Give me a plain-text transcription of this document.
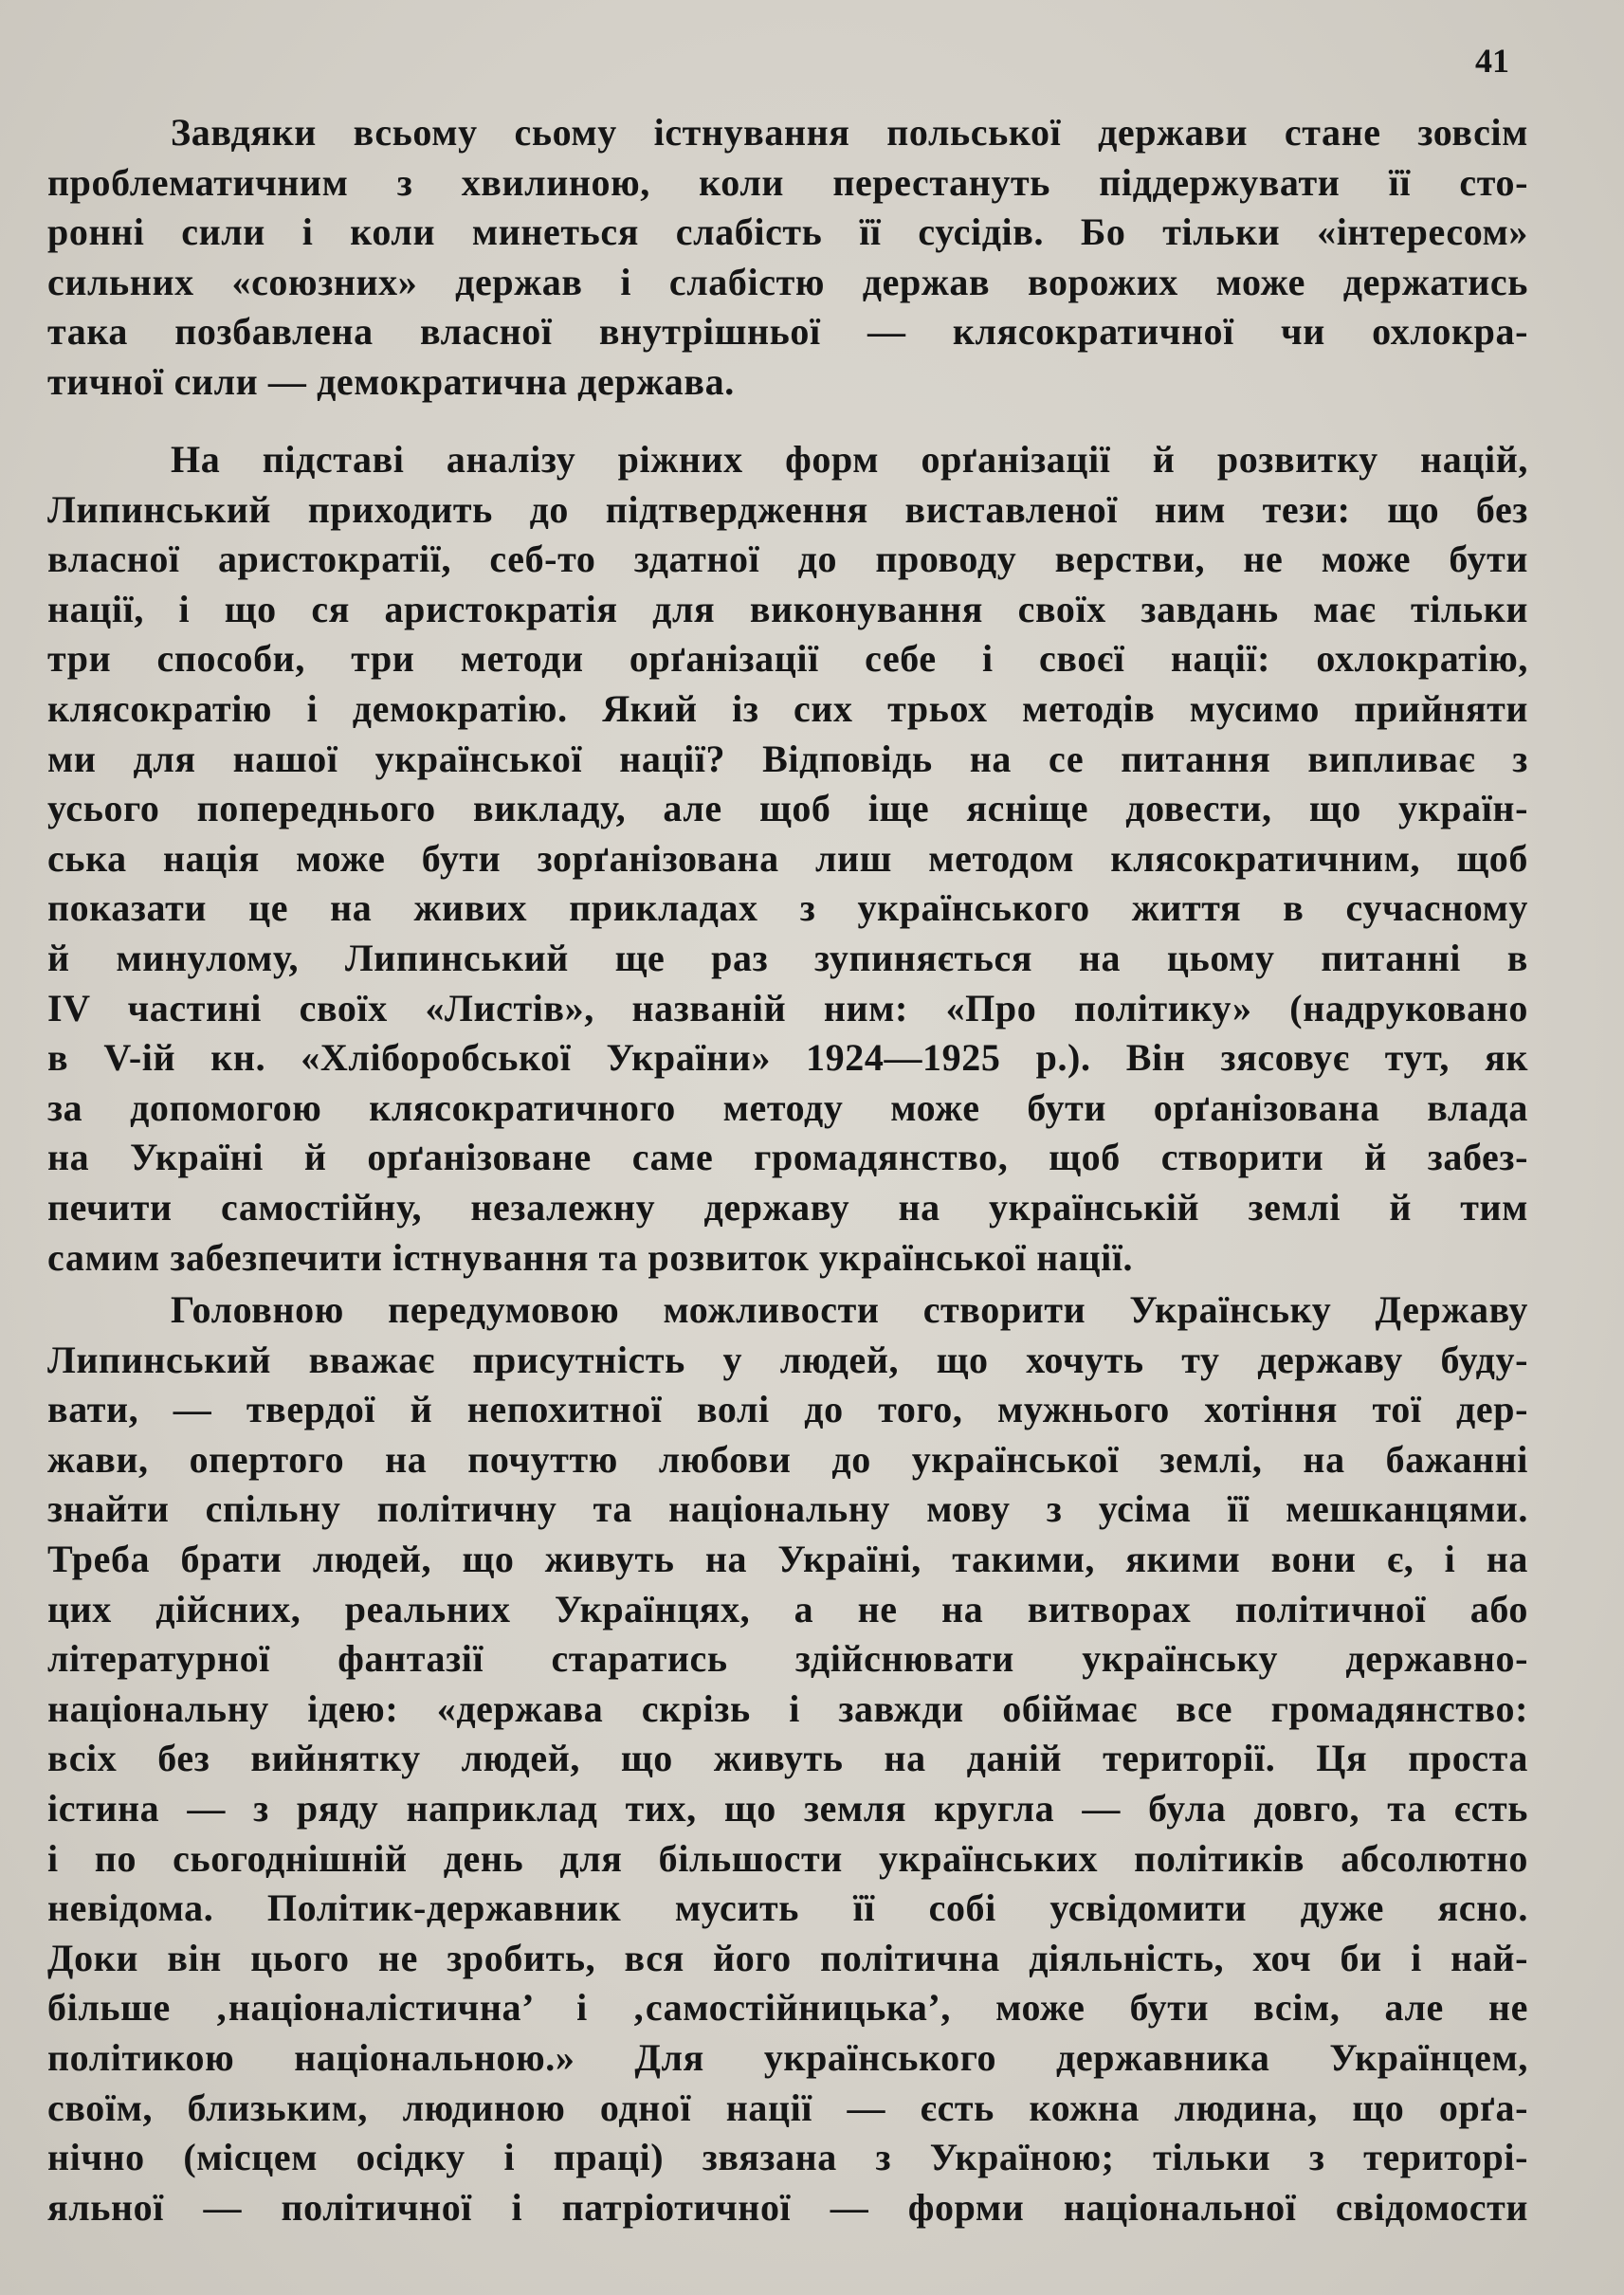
41
Завдяки всьому сьому істнування польської держави стане зовсім
проблематичним з хвилиною, коли перестануть піддержувати її сто-
ронні сили і коли минеться слабість її сусідів. Бо тільки «інтересом»
сильних «союзних» держав і слабістю держав ворожих може держатись
така позбавлена власної внутрішньої — клясократичної чи охлокра-
тичної сили — демократична держава.
На підставі аналізу ріжних форм орґанізації й розвитку націй,
Липинський приходить до підтвердження виставленої ним тези: що без
власної аристократії, себ-то здатної до проводу верстви, не може бути
нації, і що ся аристократія для виконування своїх завдань має тільки
три способи, три методи орґанізації себе і своєї нації: охлократію,
клясократію і демократію. Який із сих трьох методів мусимо прийняти
ми для нашої української нації? Відповідь на се питання випливає з
усього попереднього викладу, але щоб іще ясніще довести, що україн-
ська нація може бути зорґанізована лиш методом клясократичним, щоб
показати це на живих прикладах з українського життя в сучасному
й минулому, Липинський ще раз зупиняється на цьому питанні в
IV частині своїх «Листів», названій ним: «Про політику» (надруковано
в V-ій кн. «Хліборобської України» 1924—1925 р.). Він зясовує тут, як
за допомогою клясократичного методу може бути орґанізована влада
на Україні й орґанізоване саме громадянство, щоб створити й забез-
печити самостійну, незалежну державу на українській землі й тим
самим забезпечити істнування та розвиток української нації.
Головною передумовою можливости створити Українську Державу
Липинський вважає присутність у людей, що хочуть ту державу буду-
вати, — твердої й непохитної волі до того, мужнього хотіння тої дер-
жави, опертого на почуттю любови до української землі, на бажанні
знайти спільну політичну та національну мову з усіма її мешканцями.
Треба брати людей, що живуть на Україні, такими, якими вони є, і на
цих дійсних, реальних Українцях, а не на витворах політичної або
літературної фантазії старатись здійснювати українську державно-
національну ідею: «держава скрізь і завжди обіймає все громадянство:
всіх без вийнятку людей, що живуть на даній території. Ця проста
істина — з ряду наприклад тих, що земля кругла — була довго, та єсть
і по сьогоднішній день для більшости українських політиків абсолютно
невідома. Політик-державник мусить її собі усвідомити дуже ясно.
Доки він цього не зробить, вся його політична діяльність, хоч би і най-
більше ‚націоналістична’ і ‚самостійницька’, може бути всім, але не
політикою національною.» Для українського державника Українцем,
своїм, близьким, людиною одної нації — єсть кожна людина, що орґа-
нічно (місцем осідку і праці) звязана з Україною; тільки з територі-
яльної — політичної і патріотичної — форми національної свідомости
